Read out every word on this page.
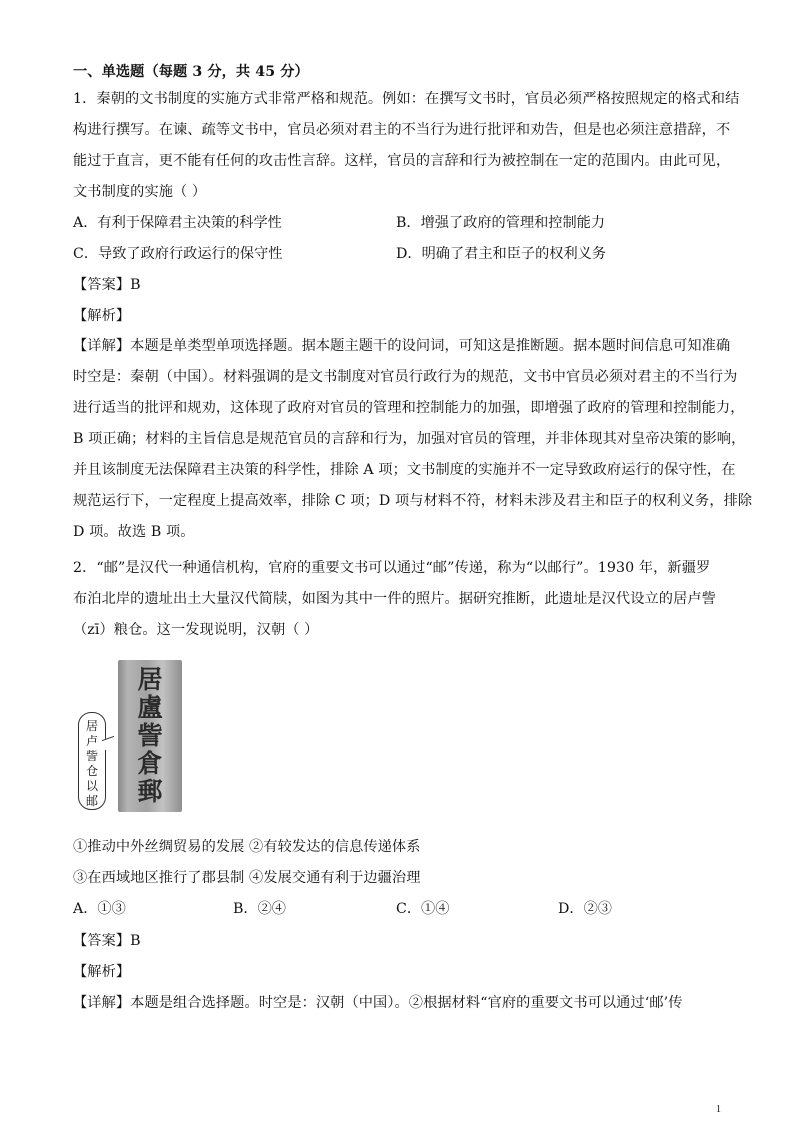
一、单选题（每题 3 分，共 45 分）
1．秦朝的文书制度的实施方式非常严格和规范。例如：在撰写文书时，官员必须严格按照规定的格式和结
构进行撰写。在谏、疏等文书中，官员必须对君主的不当行为进行批评和劝告，但是也必须注意措辞，不
能过于直言，更不能有任何的攻击性言辞。这样，官员的言辞和行为被控制在一定的范围内。由此可见，
文书制度的实施（ ）
A．有利于保障君主决策的科学性	B．增强了政府的管理和控制能力
C．导致了政府行政运行的保守性	D．明确了君主和臣子的权利义务
【答案】B
【解析】
【详解】本题是单类型单项选择题。据本题主题干的设问词，可知这是推断题。据本题时间信息可知准确
时空是：秦朝（中国）。材料强调的是文书制度对官员行政行为的规范，文书中官员必须对君主的不当行为
进行适当的批评和规劝，这体现了政府对官员的管理和控制能力的加强，即增强了政府的管理和控制能力，
B 项正确；材料的主旨信息是规范官员的言辞和行为，加强对官员的管理，并非体现其对皇帝决策的影响，
并且该制度无法保障君主决策的科学性，排除 A 项；文书制度的实施并不一定导致政府运行的保守性，在
规范运行下，一定程度上提高效率，排除 C 项；D 项与材料不符，材料未涉及君主和臣子的权利义务，排除
D 项。故选 B 项。
2．“邮”是汉代一种通信机构，官府的重要文书可以通过“邮”传递，称为“以邮行”。1930 年，新疆罗
布泊北岸的遗址出土大量汉代简牍，如图为其中一件的照片。据研究推断，此遗址是汉代设立的居卢訾
（zī）粮仓。这一发现说明，汉朝（ ）
居
卢
訾
仓
以
邮
居
盧
訾
倉
郵
①推动中外丝绸贸易的发展 ②有较发达的信息传递体系
③在西域地区推行了郡县制 ④发展交通有利于边疆治理
A．①③	B．②④	C．①④	D．②③
【答案】B
【解析】
【详解】本题是组合选择题。时空是：汉朝（中国）。②根据材料“官府的重要文书可以通过‘邮’传
1
